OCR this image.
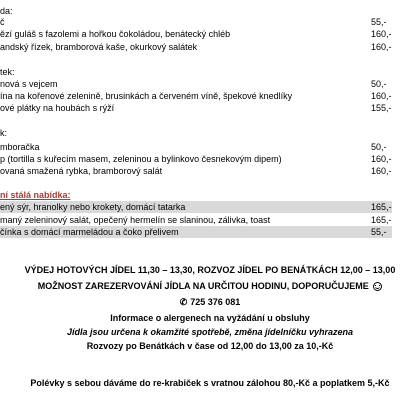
da:
č	55,-
ězí guláš s fazolemi a hořkou čokoládou, benátecký chléb	160,-
andský řízek, bramborová kaše, okurkový salátek	160,-
tek:
nová s vejcem	50,-
ína na kořenové zelenině, brusinkách a červeném víně, špekové knedlíky	160,-
ové plátky na houbách s rýží	155,-
k:
mboračka	50,-
p (tortilla s kuřecím masem, zeleninou a bylinkovo česnekovým dipem)	160,-
ovaná smažená rybka, bramborový salát	160,-
ní stálá nabídka:
ený sýr, hranolky nebo krokety, domácí tatarka	165,-
maný zeleninový salát, opečený hermelín se slaninou, zálivka, toast	165,-
čínka s domácí marmeládou a čoko přelivem	55,-
VÝDEJ HOTOVÝCH JÍDEL 11,30 – 13,30, ROZVOZ JÍDEL PO BENÁTKÁCH 12,00 – 13,00
MOŽNOST ZAREZERVOVÁNÍ JÍDLA NA URČITOU HODINU, DOPORUČUJEME
✆ 725 376 081
Informace o alergenech na vyžádání u obsluhy
Jídla jsou určena k okamžité spotřebě, změna jídelníčku vyhrazena
Rozvozy po Benátkách v čase od 12,00 do 13,00 za 10,-Kč
Polévky s sebou dáváme do re-krabiček s vratnou zálohou 80,-Kč a poplatkem 5,-Kč
